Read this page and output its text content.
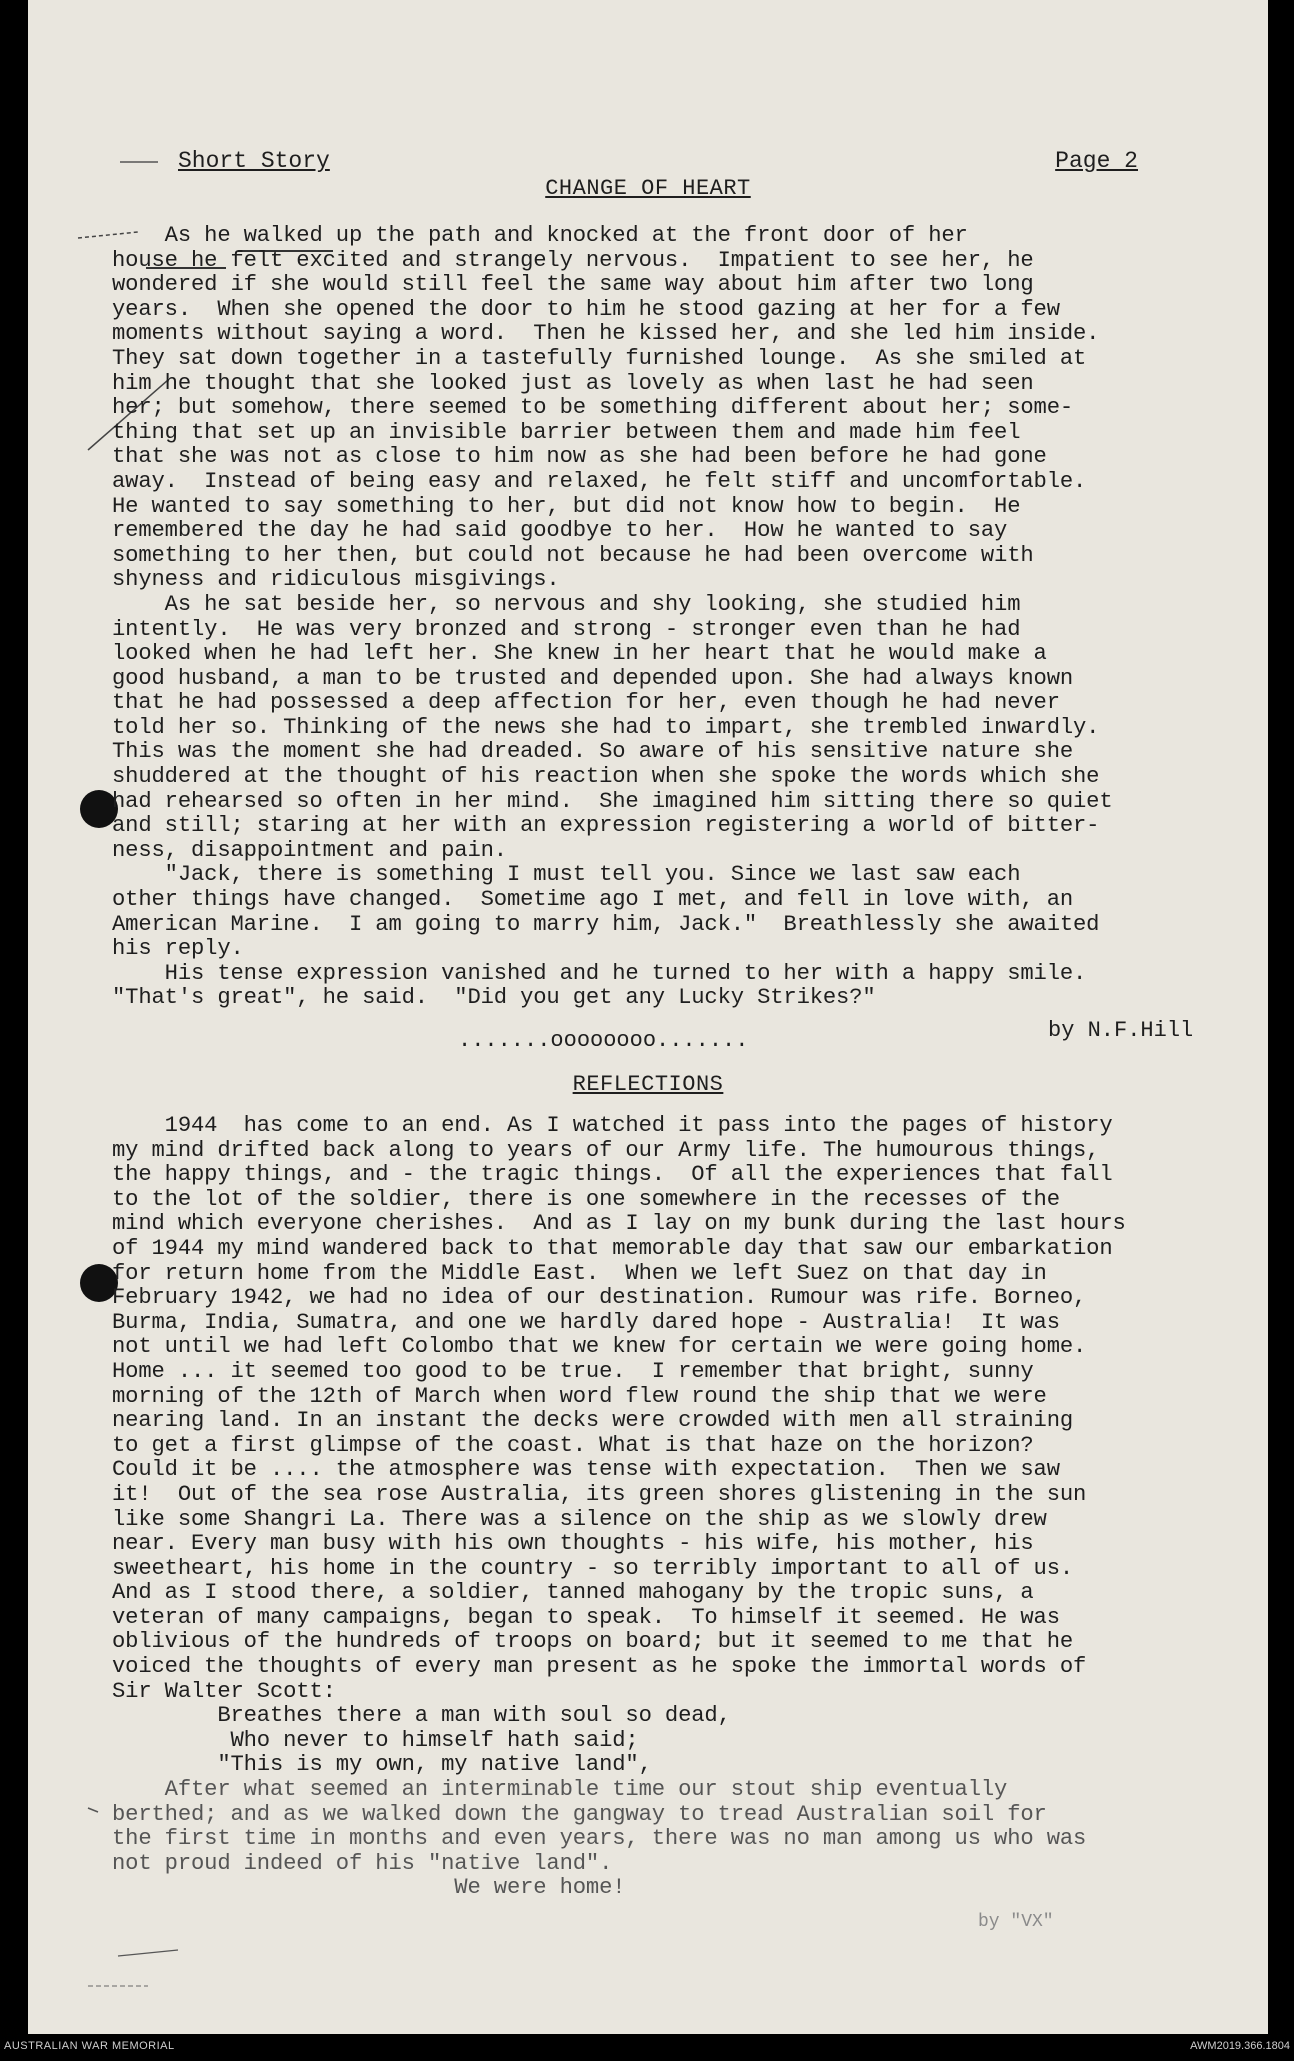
Short Story	Page 2
CHANGE OF HEART
As he walked up the path and knocked at the front door of her
house he felt excited and strangely nervous.  Impatient to see her, he
wondered if she would still feel the same way about him after two long
years.  When she opened the door to him he stood gazing at her for a few
moments without saying a word.  Then he kissed her, and she led him inside.
They sat down together in a tastefully furnished lounge.  As she smiled at
him he thought that she looked just as lovely as when last he had seen
her; but somehow, there seemed to be something different about her; some-
thing that set up an invisible barrier between them and made him feel
that she was not as close to him now as she had been before he had gone
away.  Instead of being easy and relaxed, he felt stiff and uncomfortable.
He wanted to say something to her, but did not know how to begin.  He
remembered the day he had said goodbye to her.  How he wanted to say
something to her then, but could not because he had been overcome with
shyness and ridiculous misgivings.
As he sat beside her, so nervous and shy looking, she studied him
intently.  He was very bronzed and strong - stronger even than he had
looked when he had left her. She knew in her heart that he would make a
good husband, a man to be trusted and depended upon. She had always known
that he had possessed a deep affection for her, even though he had never
told her so. Thinking of the news she had to impart, she trembled inwardly.
This was the moment she had dreaded. So aware of his sensitive nature she
shuddered at the thought of his reaction when she spoke the words which she
had rehearsed so often in her mind.  She imagined him sitting there so quiet
and still; staring at her with an expression registering a world of bitter-
ness, disappointment and pain.
"Jack, there is something I must tell you. Since we last saw each
other things have changed.  Sometime ago I met, and fell in love with, an
American Marine.  I am going to marry him, Jack."  Breathlessly she awaited
his reply.
His tense expression vanished and he turned to her with a happy smile.
"That's great", he said.  "Did you get any Lucky Strikes?"
.......oooooooo.......	by N.F.Hill
REFLECTIONS
1944  has come to an end. As I watched it pass into the pages of history
my mind drifted back along to years of our Army life. The humourous things,
the happy things, and - the tragic things.  Of all the experiences that fall
to the lot of the soldier, there is one somewhere in the recesses of the
mind which everyone cherishes.  And as I lay on my bunk during the last hours
of 1944 my mind wandered back to that memorable day that saw our embarkation
for return home from the Middle East.  When we left Suez on that day in
February 1942, we had no idea of our destination. Rumour was rife. Borneo,
Burma, India, Sumatra, and one we hardly dared hope - Australia!  It was
not until we had left Colombo that we knew for certain we were going home.
Home ... it seemed too good to be true.  I remember that bright, sunny
morning of the 12th of March when word flew round the ship that we were
nearing land. In an instant the decks were crowded with men all straining
to get a first glimpse of the coast. What is that haze on the horizon?
Could it be .... the atmosphere was tense with expectation.  Then we saw
it!  Out of the sea rose Australia, its green shores glistening in the sun
like some Shangri La. There was a silence on the ship as we slowly drew
near. Every man busy with his own thoughts - his wife, his mother, his
sweetheart, his home in the country - so terribly important to all of us.
And as I stood there, a soldier, tanned mahogany by the tropic suns, a
veteran of many campaigns, began to speak.  To himself it seemed. He was
oblivious of the hundreds of troops on board; but it seemed to me that he
voiced the thoughts of every man present as he spoke the immortal words of
Sir Walter Scott:
Breathes there a man with soul so dead,
Who never to himself hath said;
"This is my own, my native land",
After what seemed an interminable time our stout ship eventually
berthed; and as we walked down the gangway to tread Australian soil for
the first time in months and even years, there was no man among us who was
not proud indeed of his "native land".
We were home!
by "VX"
AUSTRALIAN WAR MEMORIAL	AWM2019.366.1804
